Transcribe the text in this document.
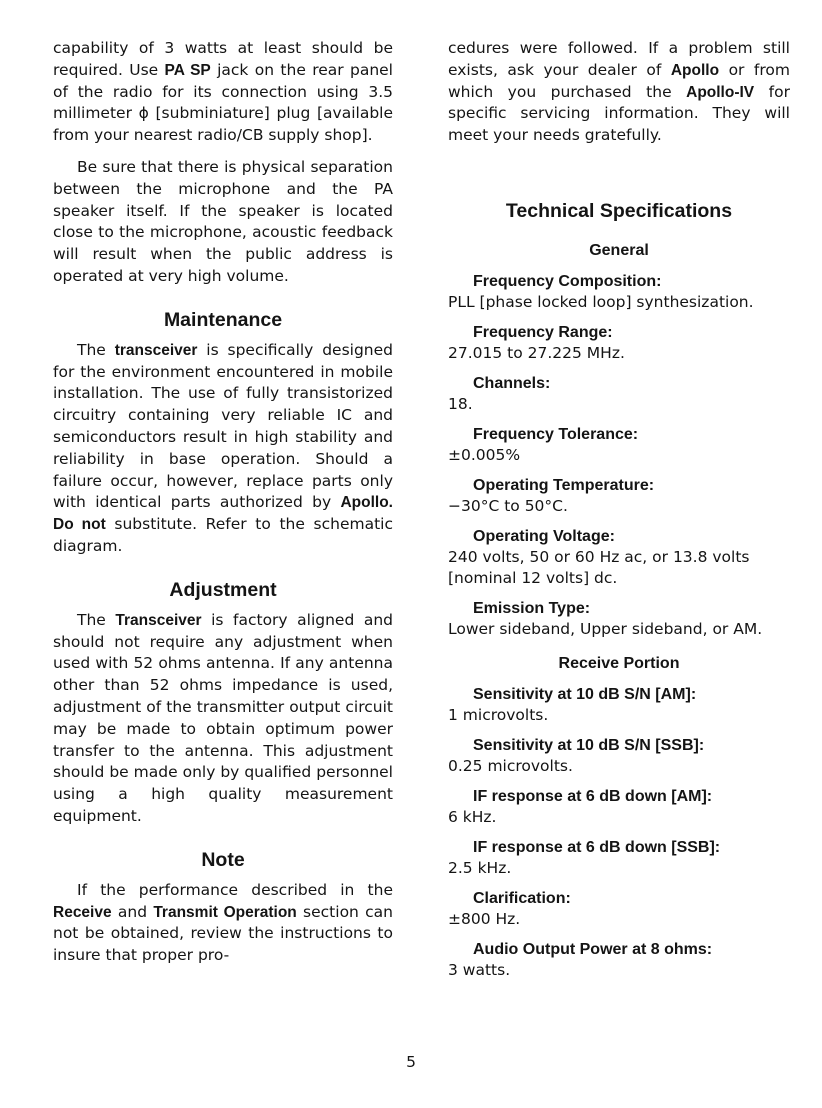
capability of 3 watts at least should be required. Use PA SP jack on the rear panel of the radio for its connection using 3.5 millimeter ϕ [subminiature] plug [available from your nearest radio/CB supply shop].

Be sure that there is physical separation between the microphone and the PA speaker itself. If the speaker is located close to the microphone, acoustic feedback will result when the public address is operated at very high volume.

Maintenance

The transceiver is specifically designed for the environment encountered in mobile installation. The use of fully transistorized circuitry containing very reliable IC and semiconductors result in high stability and reliability in base operation. Should a failure occur, however, replace parts only with identical parts authorized by Apollo. Do not substitute. Refer to the schematic diagram.

Adjustment

The Transceiver is factory aligned and should not require any adjustment when used with 52 ohms antenna. If any antenna other than 52 ohms impedance is used, adjustment of the transmitter output circuit may be made to obtain optimum power transfer to the antenna. This adjustment should be made only by qualified personnel using a high quality measurement equipment.

Note

If the performance described in the Receive and Transmit Operation section can not be obtained, review the instructions to insure that proper pro-

cedures were followed. If a problem still exists, ask your dealer of Apollo or from which you purchased the Apollo-IV for specific servicing information. They will meet your needs gratefully.

Technical Specifications
General
Frequency Composition:
PLL [phase locked loop] synthesization.
Frequency Range:
27.015 to 27.225 MHz.
Channels:
18.
Frequency Tolerance:
±0.005%
Operating Temperature:
−30°C to 50°C.
Operating Voltage:
240 volts, 50 or 60 Hz ac, or 13.8 volts [nominal 12 volts] dc.
Emission Type:
Lower sideband, Upper sideband, or AM.
Receive Portion
Sensitivity at 10 dB S/N [AM]:
1 microvolts.
Sensitivity at 10 dB S/N [SSB]:
0.25 microvolts.
IF response at 6 dB down [AM]:
6 kHz.
IF response at 6 dB down [SSB]:
2.5 kHz.
Clarification:
±800 Hz.
Audio Output Power at 8 ohms:
3 watts.
5
